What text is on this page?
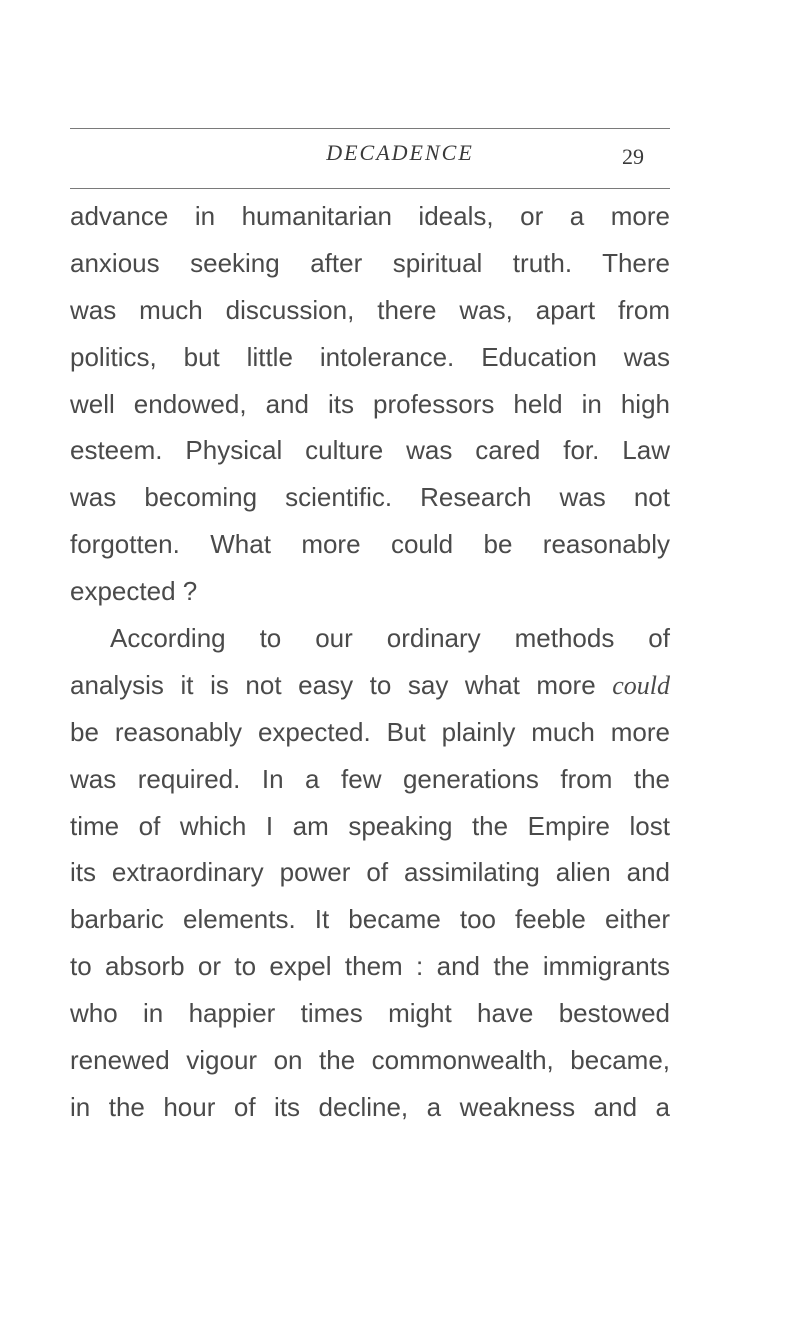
DECADENCE	29
advance in humanitarian ideals, or a more
anxious seeking after spiritual truth. There
was much discussion, there was, apart from
politics, but little intolerance. Education was
well endowed, and its professors held in high
esteem. Physical culture was cared for. Law
was becoming scientific. Research was not
forgotten. What more could be reasonably
expected ?
According to our ordinary methods of
analysis it is not easy to say what more could
be reasonably expected. But plainly much more
was required. In a few generations from the
time of which I am speaking the Empire lost
its extraordinary power of assimilating alien and
barbaric elements. It became too feeble either
to absorb or to expel them : and the immigrants
who in happier times might have bestowed
renewed vigour on the commonwealth, became,
in the hour of its decline, a weakness and a
